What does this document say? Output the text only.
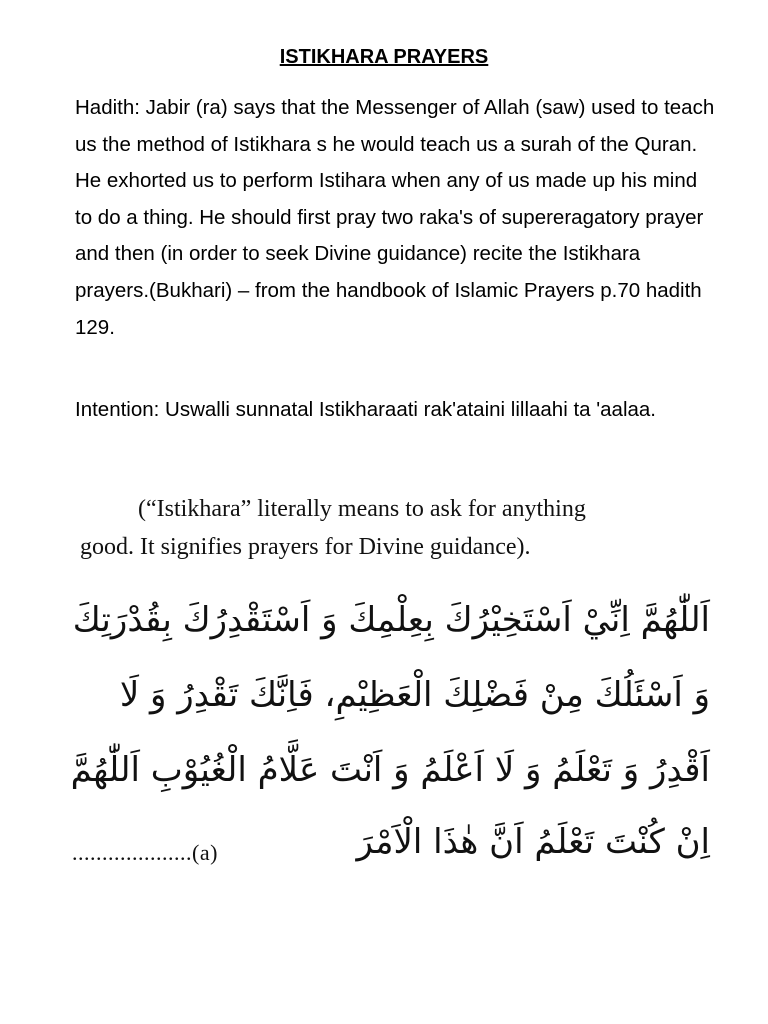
ISTIKHARA PRAYERS
Hadith: Jabir (ra) says that the Messenger of Allah (saw) used to teach us the method of Istikhara s he would teach us a surah of the Quran. He exhorted us to perform Istihara when any of us made up his mind to do a thing. He should first pray two raka's of supereragatory prayer and then (in order to seek Divine guidance) recite the Istikhara prayers.(Bukhari) – from the handbook of Islamic Prayers p.70 hadith 129.
Intention: Uswalli sunnatal Istikharaati rak'ataini lillaahi ta 'aalaa.
(“Istikhara” literally means to ask for anything
good. It signifies prayers for Divine guidance).
اَللّٰهُمَّ اِنِّيْ اَسْتَخِيْرُكَ بِعِلْمِكَ وَ اَسْتَقْدِرُكَ بِقُدْرَتِكَ
وَ اَسْئَلُكَ مِنْ فَضْلِكَ الْعَظِيْمِ، فَاِنَّكَ تَقْدِرُ وَ لَا
اَقْدِرُ وَ تَعْلَمُ وَ لَا اَعْلَمُ وَ اَنْتَ عَلَّامُ الْغُيُوْبِ اَللّٰهُمَّ
اِنْ كُنْتَ تَعْلَمُ اَنَّ هٰذَا الْاَمْرَ
....................(a)
